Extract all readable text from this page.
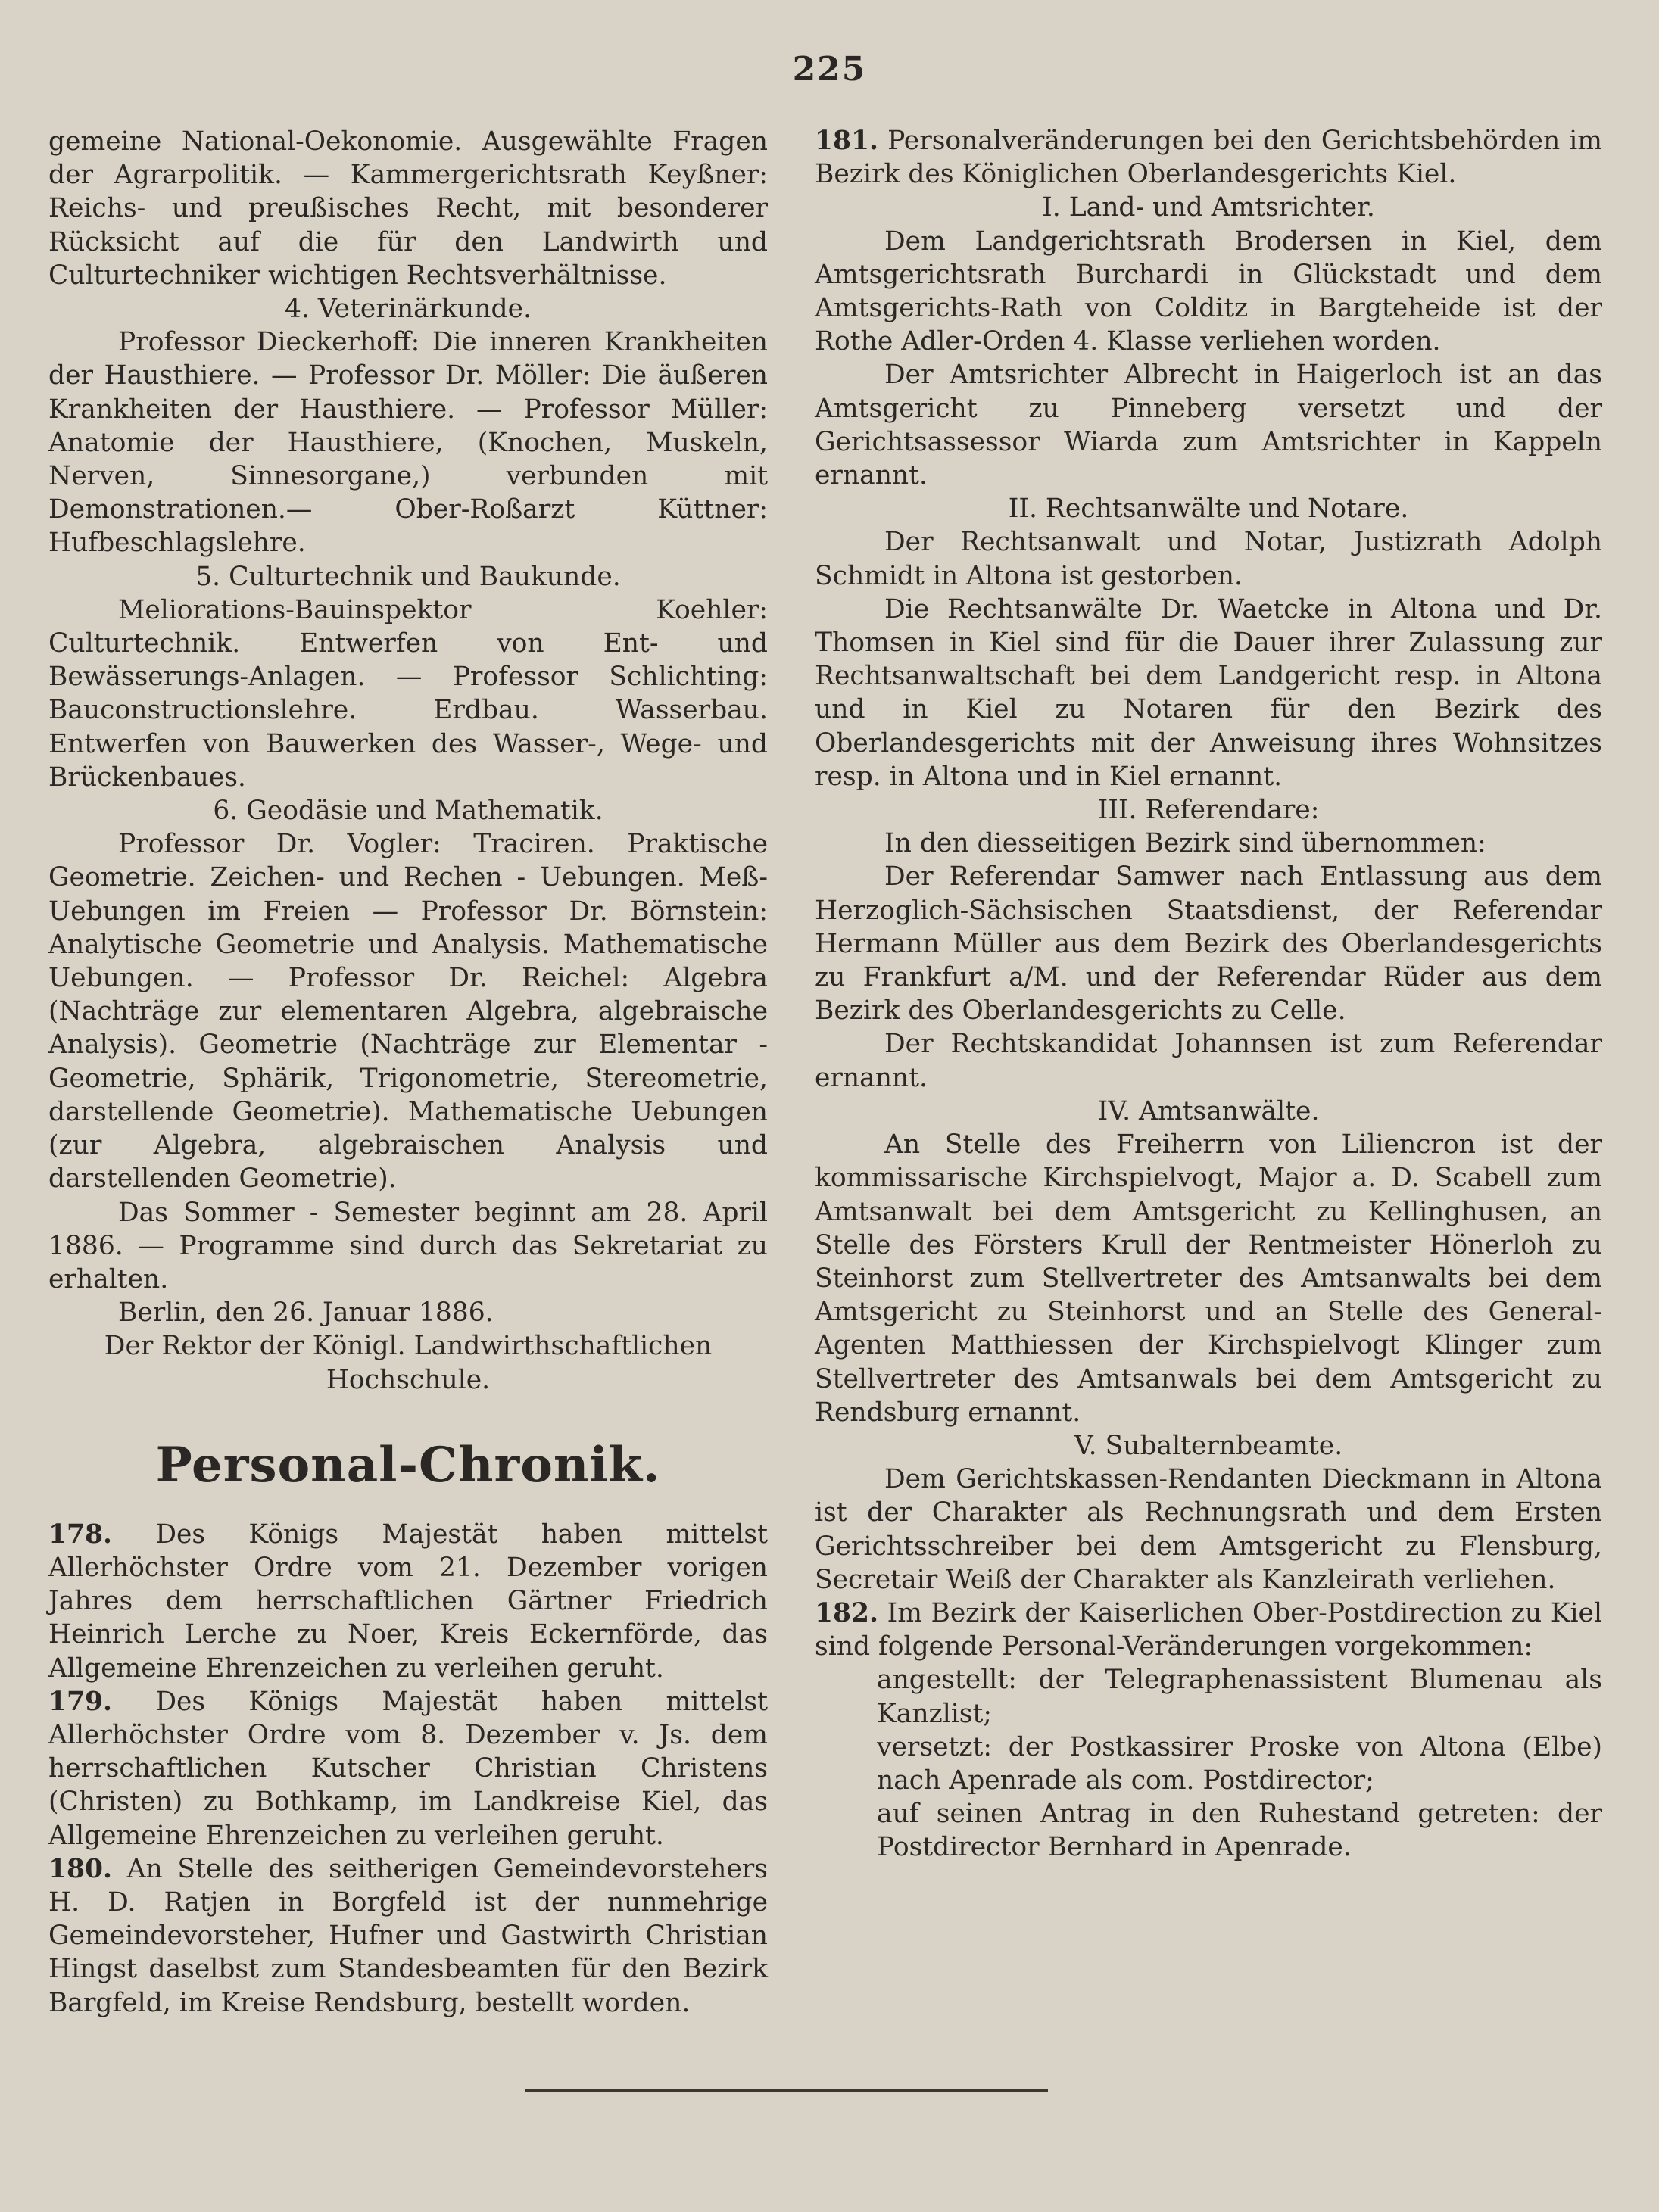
225

gemeine National-Oekonomie. Ausgewählte Fragen der Agrarpolitik. — Kammergerichtsrath Keyßner: Reichs- und preußisches Recht, mit besonderer Rücksicht auf die für den Landwirth und Culturtechniker wichtigen Rechtsverhältnisse.

4. Veterinärkunde.

Professor Dieckerhoff: Die inneren Krankheiten der Hausthiere. — Professor Dr. Möller: Die äußeren Krankheiten der Hausthiere. — Professor Müller: Anatomie der Hausthiere, (Knochen, Muskeln, Nerven, Sinnesorgane,) verbunden mit Demonstrationen.— Ober-Roßarzt Küttner: Hufbeschlagslehre.

5. Culturtechnik und Baukunde.

Meliorations-Bauinspektor Koehler: Culturtechnik. Entwerfen von Ent- und Bewässerungs-Anlagen. — Professor Schlichting: Bauconstructionslehre. Erdbau. Wasserbau. Entwerfen von Bauwerken des Wasser-, Wege- und Brückenbaues.

6. Geodäsie und Mathematik.

Professor Dr. Vogler: Traciren. Praktische Geometrie. Zeichen- und Rechen - Uebungen. Meß-Uebungen im Freien — Professor Dr. Börnstein: Analytische Geometrie und Analysis. Mathematische Uebungen. — Professor Dr. Reichel: Algebra (Nachträge zur elementaren Algebra, algebraische Analysis). Geometrie (Nachträge zur Elementar - Geometrie, Sphärik, Trigonometrie, Stereometrie, darstellende Geometrie). Mathematische Uebungen (zur Algebra, algebraischen Analysis und darstellenden Geometrie).

Das Sommer - Semester beginnt am 28. April 1886. — Programme sind durch das Sekretariat zu erhalten.

Berlin, den 26. Januar 1886.

Der Rektor der Königl. Landwirthschaftlichen Hochschule.

Personal-Chronik.

178. Des Königs Majestät haben mittelst Allerhöchster Ordre vom 21. Dezember vorigen Jahres dem herrschaftlichen Gärtner Friedrich Heinrich Lerche zu Noer, Kreis Eckernförde, das Allgemeine Ehrenzeichen zu verleihen geruht.

179. Des Königs Majestät haben mittelst Allerhöchster Ordre vom 8. Dezember v. Js. dem herrschaftlichen Kutscher Christian Christens (Christen) zu Bothkamp, im Landkreise Kiel, das Allgemeine Ehrenzeichen zu verleihen geruht.

180. An Stelle des seitherigen Gemeindevorstehers H. D. Ratjen in Borgfeld ist der nunmehrige Gemeindevorsteher, Hufner und Gastwirth Christian Hingst daselbst zum Standesbeamten für den Bezirk Bargfeld, im Kreise Rendsburg, bestellt worden.

181. Personalveränderungen bei den Gerichtsbehörden im Bezirk des Königlichen Oberlandesgerichts Kiel.

I. Land- und Amtsrichter.

Dem Landgerichtsrath Brodersen in Kiel, dem Amtsgerichtsrath Burchardi in Glückstadt und dem Amtsgerichts-Rath von Colditz in Bargteheide ist der Rothe Adler-Orden 4. Klasse verliehen worden.

Der Amtsrichter Albrecht in Haigerloch ist an das Amtsgericht zu Pinneberg versetzt und der Gerichtsassessor Wiarda zum Amtsrichter in Kappeln ernannt.

II. Rechtsanwälte und Notare.

Der Rechtsanwalt und Notar, Justizrath Adolph Schmidt in Altona ist gestorben.

Die Rechtsanwälte Dr. Waetcke in Altona und Dr. Thomsen in Kiel sind für die Dauer ihrer Zulassung zur Rechtsanwaltschaft bei dem Landgericht resp. in Altona und in Kiel zu Notaren für den Bezirk des Oberlandesgerichts mit der Anweisung ihres Wohnsitzes resp. in Altona und in Kiel ernannt.

III. Referendare:

In den diesseitigen Bezirk sind übernommen:

Der Referendar Samwer nach Entlassung aus dem Herzoglich-Sächsischen Staatsdienst, der Referendar Hermann Müller aus dem Bezirk des Oberlandesgerichts zu Frankfurt a/M. und der Referendar Rüder aus dem Bezirk des Oberlandesgerichts zu Celle.

Der Rechtskandidat Johannsen ist zum Referendar ernannt.

IV. Amtsanwälte.

An Stelle des Freiherrn von Liliencron ist der kommissarische Kirchspielvogt, Major a. D. Scabell zum Amtsanwalt bei dem Amtsgericht zu Kellinghusen, an Stelle des Försters Krull der Rentmeister Hönerloh zu Steinhorst zum Stellvertreter des Amtsanwalts bei dem Amtsgericht zu Steinhorst und an Stelle des General-Agenten Matthiessen der Kirchspielvogt Klinger zum Stellvertreter des Amtsanwals bei dem Amtsgericht zu Rendsburg ernannt.

V. Subalternbeamte.

Dem Gerichtskassen-Rendanten Dieckmann in Altona ist der Charakter als Rechnungsrath und dem Ersten Gerichtsschreiber bei dem Amtsgericht zu Flensburg, Secretair Weiß der Charakter als Kanzleirath verliehen.

182. Im Bezirk der Kaiserlichen Ober-Postdirection zu Kiel sind folgende Personal-Veränderungen vorgekommen:

angestellt: der Telegraphenassistent Blumenau als Kanzlist;

versetzt: der Postkassirer Proske von Altona (Elbe) nach Apenrade als com. Postdirector;

auf seinen Antrag in den Ruhestand getreten: der Postdirector Bernhard in Apenrade.
